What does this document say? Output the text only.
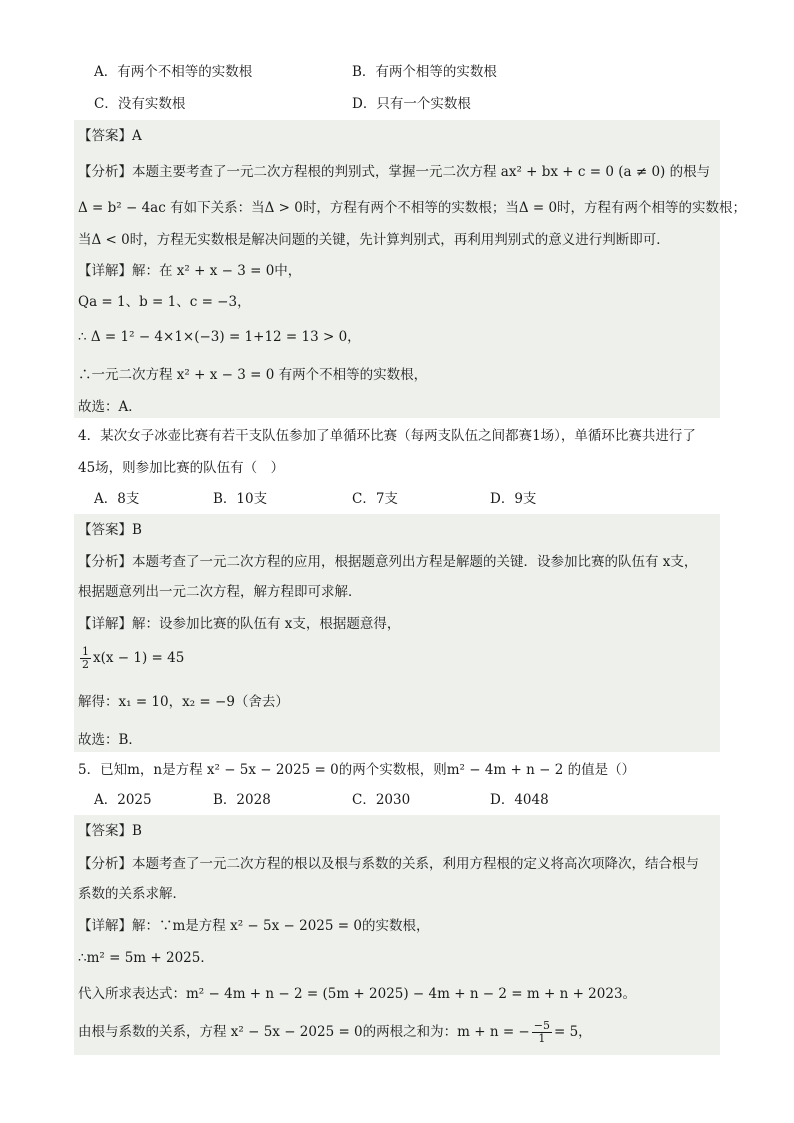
A．有两个不相等的实数根	B．有两个相等的实数根
C．没有实数根	D．只有一个实数根
【答案】A
【分析】本题主要考查了一元二次方程根的判别式，掌握一元二次方程 ax² + bx + c = 0 (a ≠ 0) 的根与
Δ = b² − 4ac 有如下关系：当Δ > 0时，方程有两个不相等的实数根；当Δ = 0时，方程有两个相等的实数根；
当Δ < 0时，方程无实数根是解决问题的关键，先计算判别式，再利用判别式的意义进行判断即可．
【详解】解：在 x² + x − 3 = 0中，
Qa = 1、b = 1、c = −3，
∴ Δ = 1² − 4×1×(−3) = 1+12 = 13 > 0，
∴一元二次方程 x² + x − 3 = 0 有两个不相等的实数根，
故选：A．
4．某次女子冰壶比赛有若干支队伍参加了单循环比赛（每两支队伍之间都赛1场），单循环比赛共进行了
45场，则参加比赛的队伍有（　）
A．8支	B．10支	C．7支	D．9支
【答案】B
【分析】本题考查了一元二次方程的应用，根据题意列出方程是解题的关键．设参加比赛的队伍有 x支，
根据题意列出一元二次方程，解方程即可求解．
【详解】解：设参加比赛的队伍有 x支，根据题意得，
$\frac{1}{2} x(x - 1) = 45$
解得：x₁ = 10，x₂ = −9（舍去）
故选：B．
5．已知m，n是方程 x² − 5x − 2025 = 0的两个实数根，则m² − 4m + n − 2 的值是（）
A．2025	B．2028	C．2030	D．4048
【答案】B
【分析】本题考查了一元二次方程的根以及根与系数的关系，利用方程根的定义将高次项降次，结合根与
系数的关系求解．
【详解】解：∵m是方程 x² − 5x − 2025 = 0的实数根，
∴m² = 5m + 2025．
代入所求表达式：m² − 4m + n − 2 = (5m + 2025) − 4m + n − 2 = m + n + 2023。
由根与系数的关系，方程 x² − 5x − 2025 = 0的两根之和为：m + n = − $\frac{-5}{1} = 5$，
